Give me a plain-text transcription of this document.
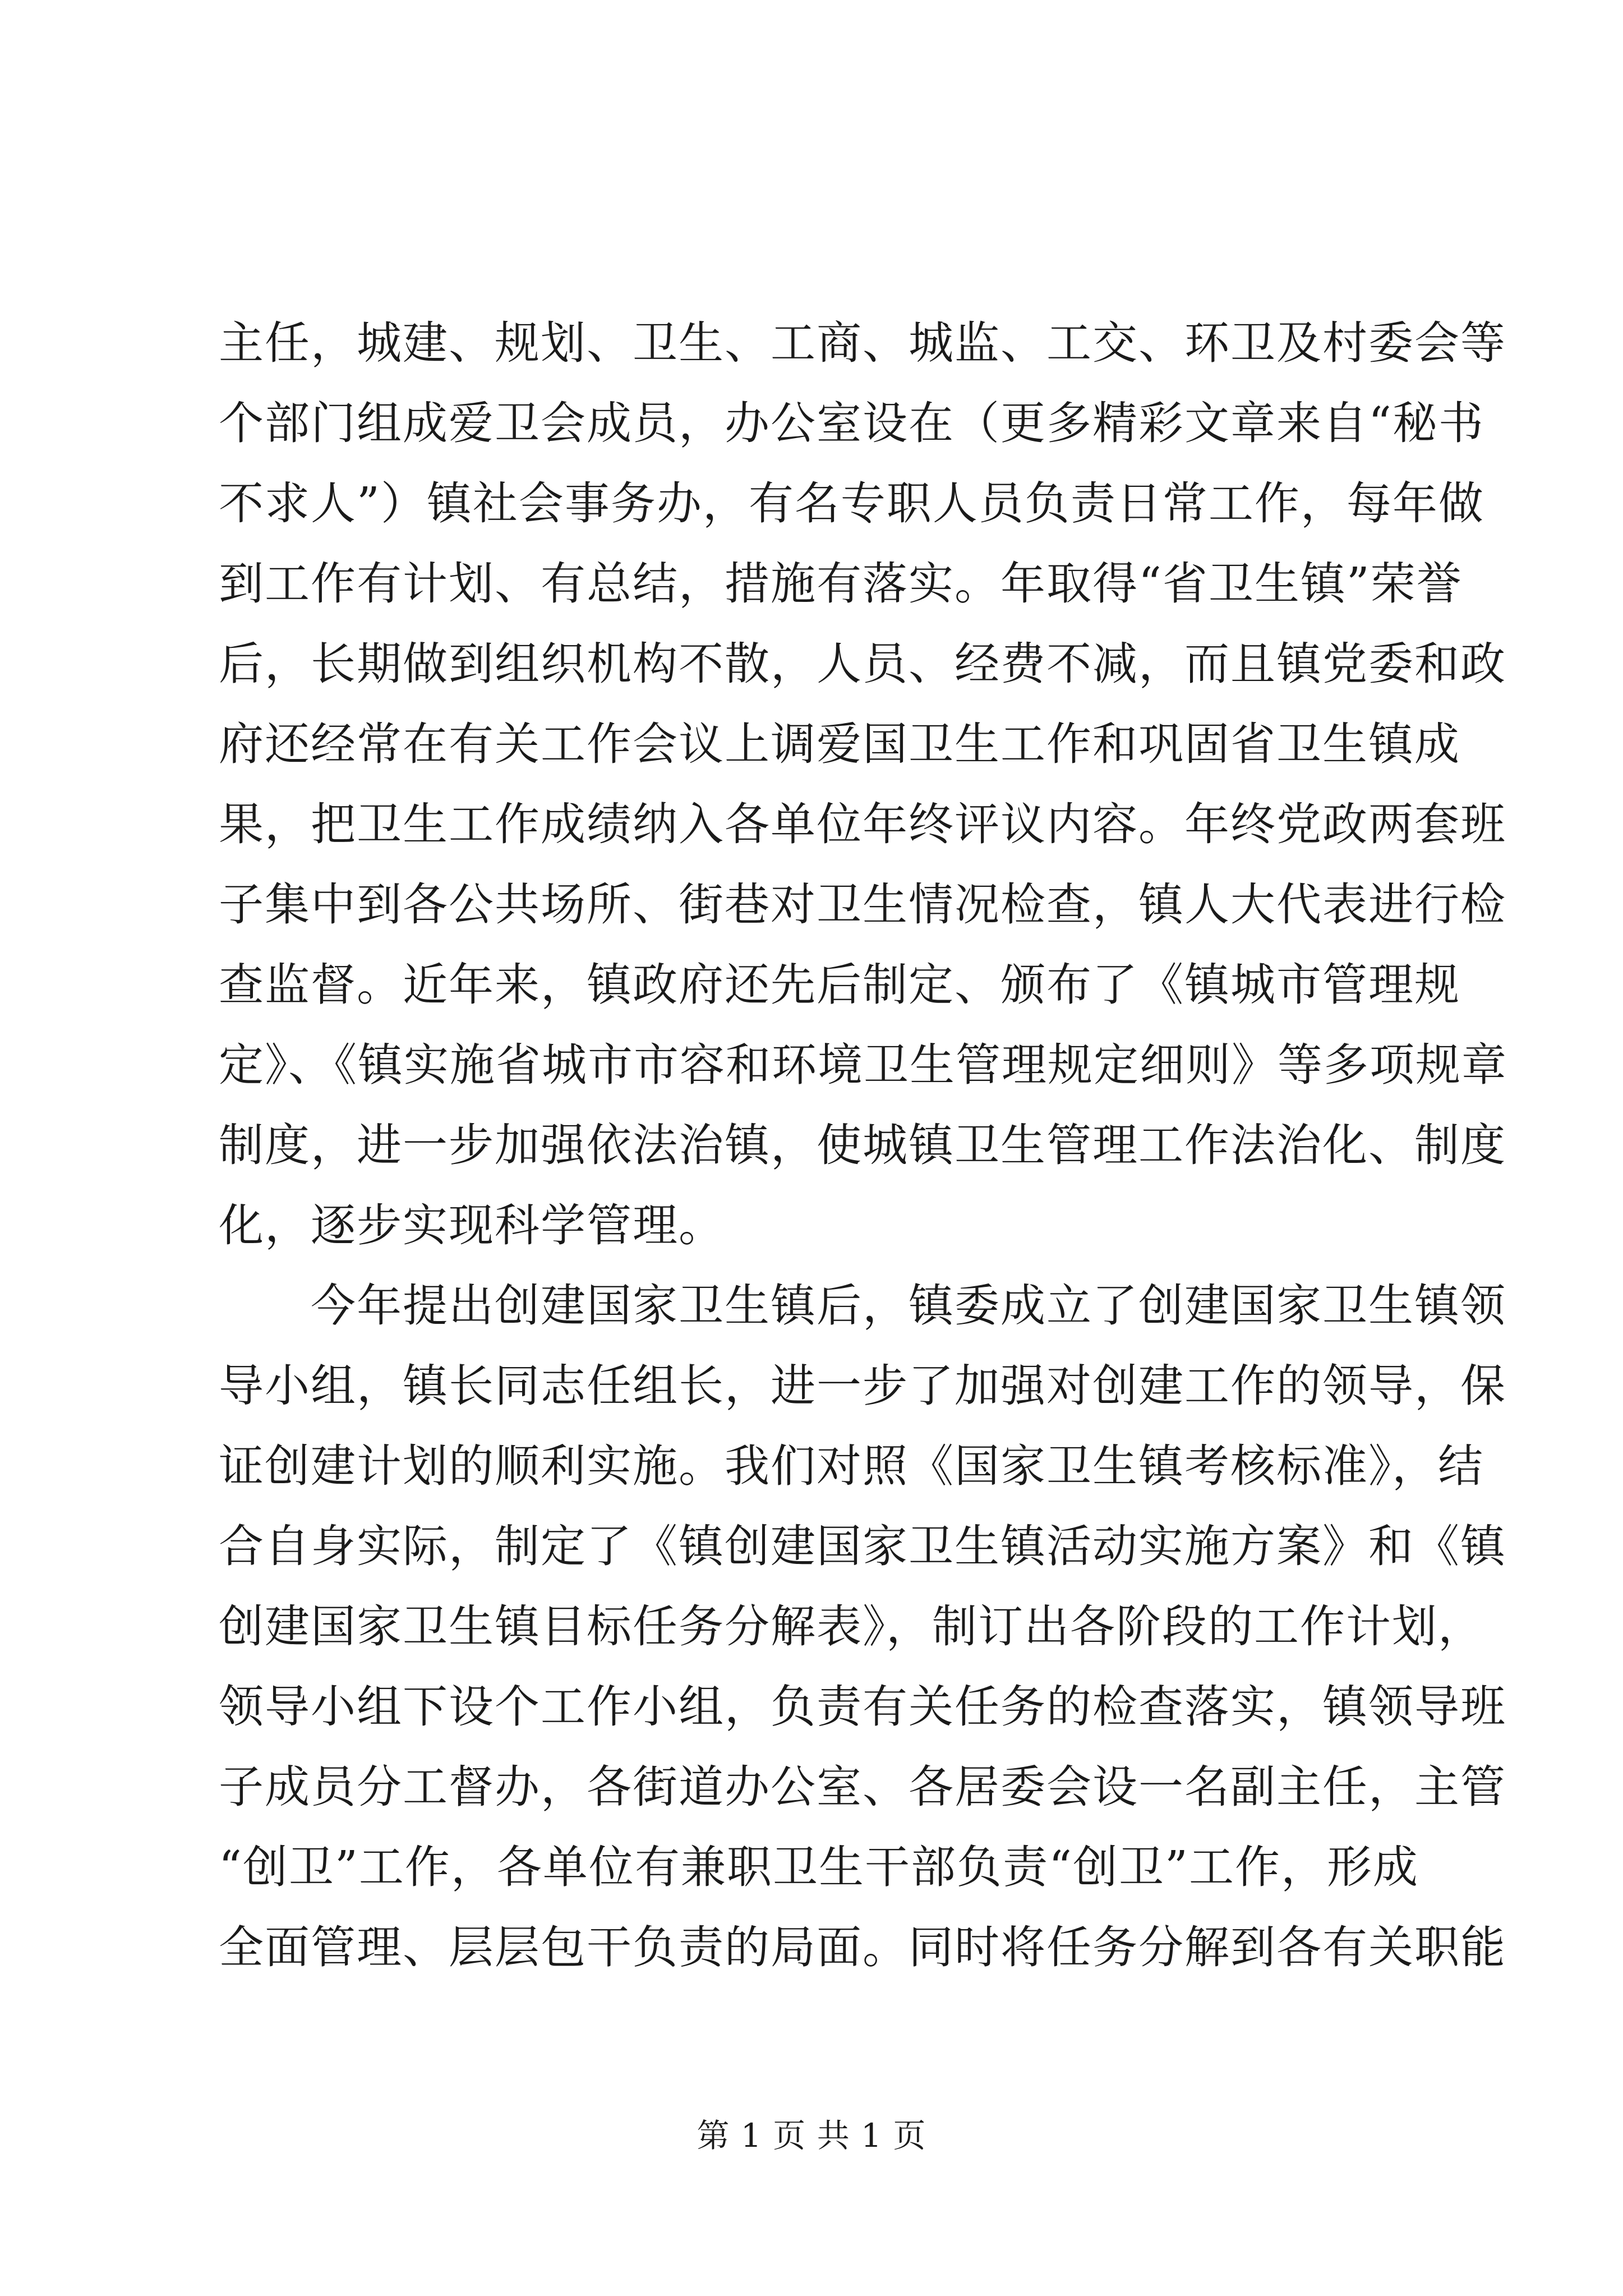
主任，城建、规划、卫生、工商、城监、工交、环卫及村委会等
个部门组成爱卫会成员，办公室设在（更多精彩文章来自“秘书
不求人”）镇社会事务办，有名专职人员负责日常工作，每年做
到工作有计划、有总结，措施有落实。年取得“省卫生镇”荣誉
后，长期做到组织机构不散，人员、经费不减，而且镇党委和政
府还经常在有关工作会议上调爱国卫生工作和巩固省卫生镇成
果，把卫生工作成绩纳入各单位年终评议内容。年终党政两套班
子集中到各公共场所、街巷对卫生情况检查，镇人大代表进行检
查监督。近年来，镇政府还先后制定、颁布了《镇城市管理规
定》、《镇实施省城市市容和环境卫生管理规定细则》等多项规章
制度，进一步加强依法治镇，使城镇卫生管理工作法治化、制度
化，逐步实现科学管理。

今年提出创建国家卫生镇后，镇委成立了创建国家卫生镇领
导小组，镇长同志任组长，进一步了加强对创建工作的领导，保
证创建计划的顺利实施。我们对照《国家卫生镇考核标准》，结
合自身实际，制定了《镇创建国家卫生镇活动实施方案》和《镇
创建国家卫生镇目标任务分解表》，制订出各阶段的工作计划，
领导小组下设个工作小组，负责有关任务的检查落实，镇领导班
子成员分工督办，各街道办公室、各居委会设一名副主任，主管
“创卫”工作，各单位有兼职卫生干部负责“创卫”工作，形成
全面管理、层层包干负责的局面。同时将任务分解到各有关职能

第 1 页 共 1 页
